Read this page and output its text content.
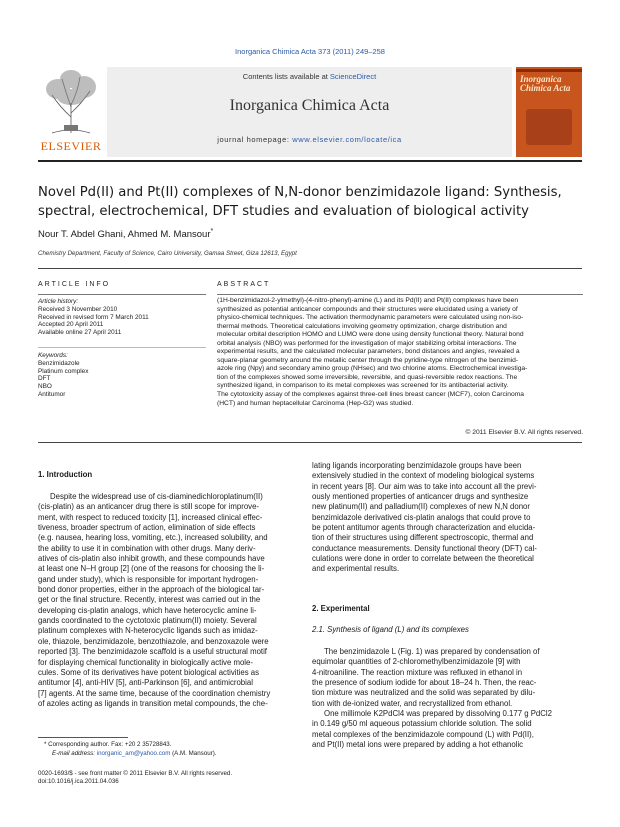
Inorganica Chimica Acta 373 (2011) 249–258
Contents lists available at ScienceDirect
Inorganica Chimica Acta
journal homepage: www.elsevier.com/locate/ica
ELSEVIER
Inorganica
Chimica Acta
Novel Pd(II) and Pt(II) complexes of N,N-donor benzimidazole ligand: Synthesis,
spectral, electrochemical, DFT studies and evaluation of biological activity
Nour T. Abdel Ghani, Ahmed M. Mansour*
Chemistry Department, Faculty of Science, Cairo University, Gamaa Street, Giza 12613, Egypt
ARTICLE INFO
Article history:
Received 3 November 2010
Received in revised form 7 March 2011
Accepted 20 April 2011
Available online 27 April 2011
Keywords:
Benzimidazole
Platinum complex
DFT
NBO
Antitumor
ABSTRACT
(1H-benzimidazol-2-ylmethyl)-(4-nitro-phenyl)-amine (L) and its Pd(II) and Pt(II) complexes have been
synthesized as potential anticancer compounds and their structures were elucidated using a variety of
physico-chemical techniques. The activation thermodynamic parameters were calculated using non-iso-
thermal methods. Theoretical calculations involving geometry optimization, charge distribution and
molecular orbital description HOMO and LUMO were done using density functional theory. Natural bond
orbital analysis (NBO) was performed for the investigation of major stabilizing orbital interactions. The
experimental results, and the calculated molecular parameters, bond distances and angles, revealed a
square-planar geometry around the metallic center through the pyridine-type nitrogen of the benzimid-
azole ring (Npy) and secondary amino group (NHsec) and two chlorine atoms. Electrochemical investiga-
tion of the complexes showed some irreversible, reversible, and quasi-reversible redox reactions. The
synthesized ligand, in comparison to its metal complexes was screened for its antibacterial activity.
The cytotoxicity assay of the complexes against three-cell lines breast cancer (MCF7), colon Carcinoma
(HCT) and human heptacellular Carcinoma (Hep-G2) was studied.
© 2011 Elsevier B.V. All rights reserved.
1. Introduction
Despite the widespread use of cis-diaminedichloroplatinum(II)
(cis-platin) as an anticancer drug there is still scope for improve-
ment, with respect to reduced toxicity [1], increased clinical effec-
tiveness, broader spectrum of action, elimination of side effects
(e.g. nausea, hearing loss, vomiting, etc.), increased solubility, and
the ability to use it in combination with other drugs. Many deriv-
atives of cis-platin also inhibit growth, and these compounds have
at least one N–H group [2] (one of the reasons for choosing the li-
gand under study), which is responsible for important hydrogen-
bond donor properties, either in the approach of the biological tar-
get or the final structure. Recently, interest was carried out in the
developing cis-platin analogs, which have heterocyclic amine li-
gands coordinated to the cyctotoxic platinum(II) moiety. Several
platinum complexes with N-heterocyclic ligands such as imidaz-
ole, thiazole, benzimidazole, benzothiazole, and benzoxazole were
reported [3]. The benzimidazole scaffold is a useful structural motif
for displaying chemical functionality in biologically active mole-
cules. Some of its derivatives have potent biological activities as
antitumor [4], anti-HIV [5], anti-Parkinson [6], and antimicrobial
[7] agents. At the same time, because of the coordination chemistry
of azoles acting as ligands in transition metal compounds, the che-
lating ligands incorporating benzimidazole groups have been
extensively studied in the context of modeling biological systems
in recent years [8]. Our aim was to take into account all the previ-
ously mentioned properties of anticancer drugs and synthesize
new platinum(II) and palladium(II) complexes of new N,N donor
benzimidazole derivatived cis-platin analogs that could prove to
be potent antitumor agents through characterization and elucida-
tion of their structures using different spectroscopic, thermal and
conductance measurements. Density functional theory (DFT) cal-
culations were done in order to correlate between the theoretical
and experimental results.
2. Experimental
2.1. Synthesis of ligand (L) and its complexes
The benzimidazole L (Fig. 1) was prepared by condensation of
equimolar quantities of 2-chloromethylbenzimidazole [9] with
4-nitroaniline. The reaction mixture was refluxed in ethanol in
the presence of sodium iodide for about 18–24 h. Then, the reac-
tion mixture was neutralized and the solid was separated by dilu-
tion with de-ionized water, and recrystallized from ethanol.
One millimole K2PdCl4 was prepared by dissolving 0.177 g PdCl2
in 0.149 g/50 ml aqueous potassium chloride solution. The solid
metal complexes of the benzimidazole compound (L) with Pd(II),
and Pt(II) metal ions were prepared by adding a hot ethanolic
* Corresponding author. Fax: +20 2 35728843.
E-mail address: inorganic_am@yahoo.com (A.M. Mansour).
0020-1693/$ - see front matter © 2011 Elsevier B.V. All rights reserved.
doi:10.1016/j.ica.2011.04.036
